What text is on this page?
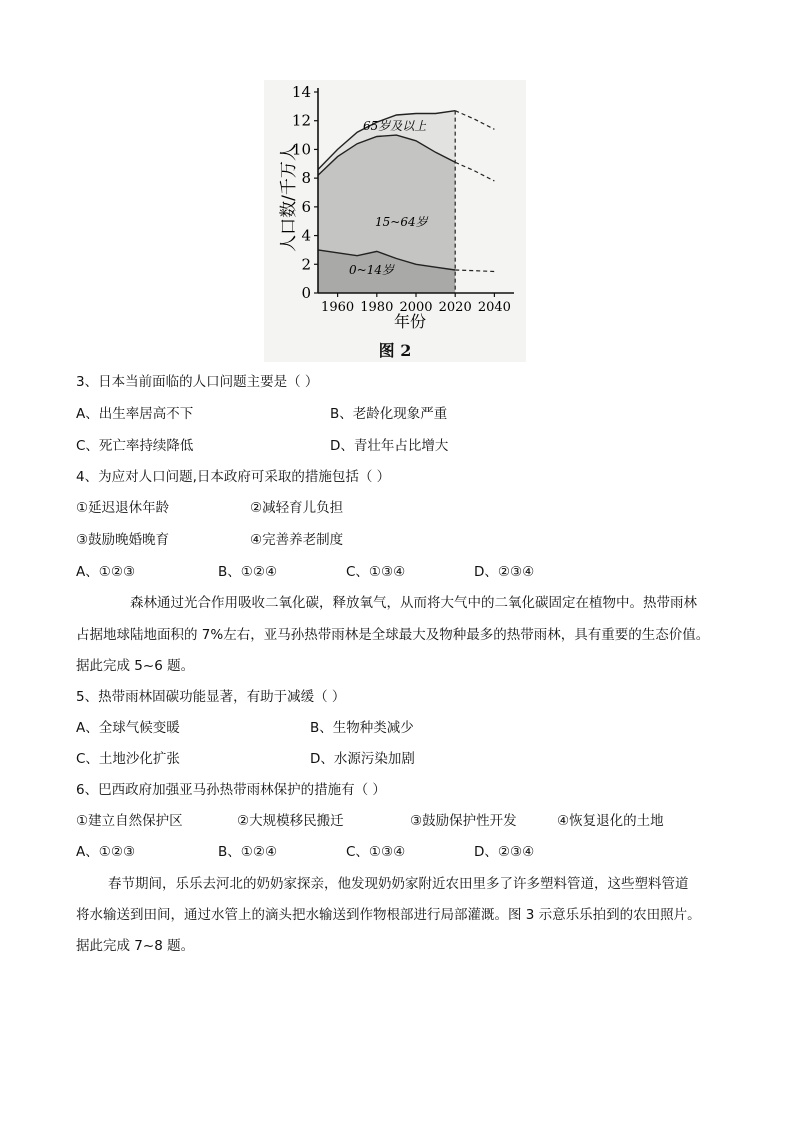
0
2
4
6
8
10
12
14
1960 1980 2000 2020 2040
人口数/千万人
年份
65岁及以上
15~64岁
0~14岁
图 2
3、日本当前面临的人口问题主要是（ ）
A、出生率居高不下	B、老龄化现象严重
C、死亡率持续降低	D、青壮年占比增大
4、为应对人口问题,日本政府可采取的措施包括（ ）
①延迟退休年龄	②减轻育儿负担
③鼓励晚婚晚育	④完善养老制度
A、①②③	B、①②④	C、①③④	D、②③④
森林通过光合作用吸收二氧化碳，释放氧气，从而将大气中的二氧化碳固定在植物中。热带雨林
占据地球陆地面积的 7%左右，亚马孙热带雨林是全球最大及物种最多的热带雨林，具有重要的生态价值。
据此完成 5~6 题。
5、热带雨林固碳功能显著，有助于减缓（ ）
A、全球气候变暖	B、生物种类减少
C、土地沙化扩张	D、水源污染加剧
6、巴西政府加强亚马孙热带雨林保护的措施有（ ）
①建立自然保护区	②大规模移民搬迁	③鼓励保护性开发	④恢复退化的土地
A、①②③	B、①②④	C、①③④	D、②③④
春节期间，乐乐去河北的奶奶家探亲，他发现奶奶家附近农田里多了许多塑料管道，这些塑料管道
将水输送到田间，通过水管上的滴头把水输送到作物根部进行局部灌溉。图 3 示意乐乐拍到的农田照片。
据此完成 7~8 题。
